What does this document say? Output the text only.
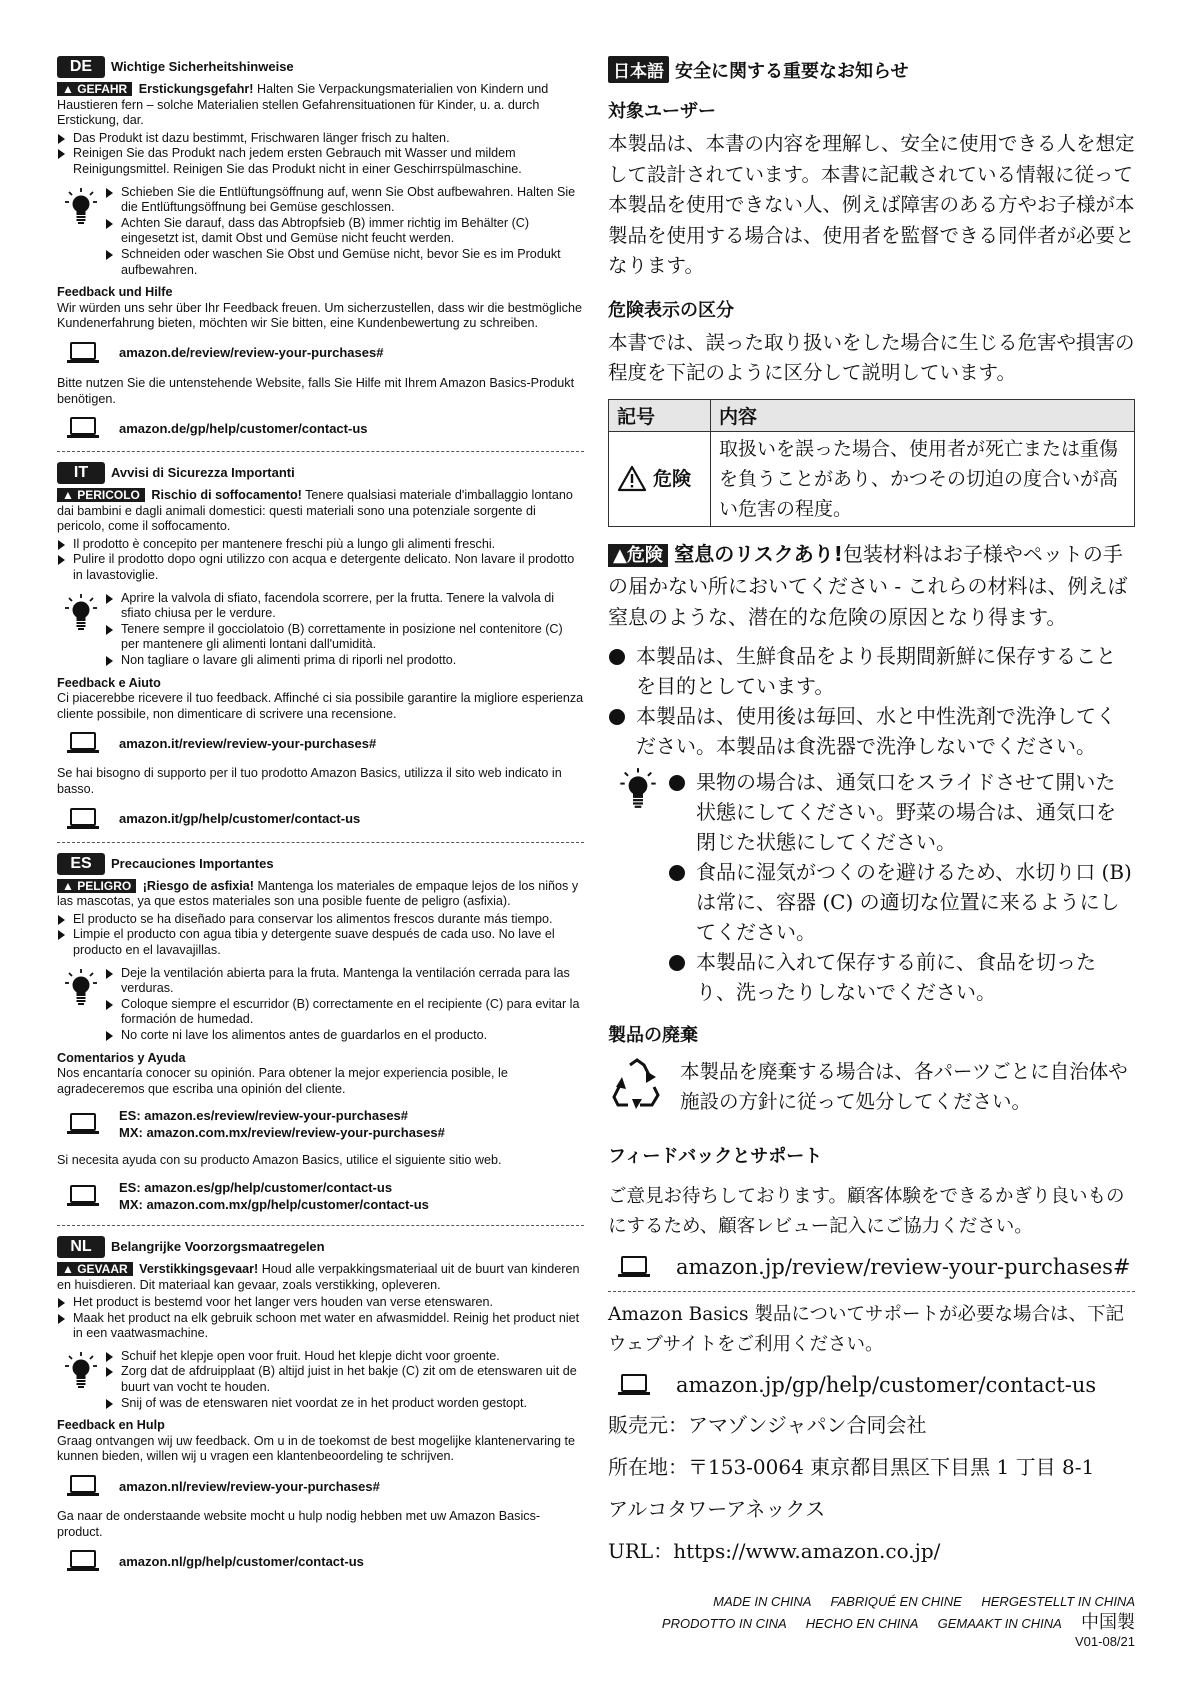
DE	Wichtige Sicherheitshinweise

▲ GEFAHR Erstickungsgefahr! Halten Sie Verpackungsmaterialien von Kindern und Haustieren fern – solche Materialien stellen Gefahrensituationen für Kinder, u. a. durch Erstickung, dar.

Das Produkt ist dazu bestimmt, Frischwaren länger frisch zu halten.
Reinigen Sie das Produkt nach jedem ersten Gebrauch mit Wasser und mildem Reinigungsmittel. Reinigen Sie das Produkt nicht in einer Geschirrspülmaschine.
Schieben Sie die Entlüftungsöffnung auf, wenn Sie Obst aufbewahren. Halten Sie die Entlüftungsöffnung bei Gemüse geschlossen.
Achten Sie darauf, dass das Abtropfsieb (B) immer richtig im Behälter (C) eingesetzt ist, damit Obst und Gemüse nicht feucht werden.
Schneiden oder waschen Sie Obst und Gemüse nicht, bevor Sie es im Produkt aufbewahren.

Feedback und Hilfe

Wir würden uns sehr über Ihr Feedback freuen. Um sicherzustellen, dass wir die bestmögliche Kundenerfahrung bieten, möchten wir Sie bitten, eine Kundenbewertung zu schreiben.

amazon.de/review/review-your-purchases#

Bitte nutzen Sie die untenstehende Website, falls Sie Hilfe mit Ihrem Amazon Basics-Produkt benötigen.

amazon.de/gp/help/customer/contact-us
IT	Avvisi di Sicurezza Importanti

▲ PERICOLO Rischio di soffocamento! Tenere qualsiasi materiale d'imballaggio lontano dai bambini e dagli animali domestici: questi materiali sono una potenziale sorgente di pericolo, come il soffocamento.

Il prodotto è concepito per mantenere freschi più a lungo gli alimenti freschi.
Pulire il prodotto dopo ogni utilizzo con acqua e detergente delicato. Non lavare il prodotto in lavastoviglie.
Aprire la valvola di sfiato, facendola scorrere, per la frutta. Tenere la valvola di sfiato chiusa per le verdure.
Tenere sempre il gocciolatoio (B) correttamente in posizione nel contenitore (C) per mantenere gli alimenti lontani dall'umidità.
Non tagliare o lavare gli alimenti prima di riporli nel prodotto.

Feedback e Aiuto

Ci piacerebbe ricevere il tuo feedback. Affinché ci sia possibile garantire la migliore esperienza cliente possibile, non dimenticare di scrivere una recensione.

amazon.it/review/review-your-purchases#

Se hai bisogno di supporto per il tuo prodotto Amazon Basics, utilizza il sito web indicato in basso.

amazon.it/gp/help/customer/contact-us
ES	Precauciones Importantes

▲ PELIGRO ¡Riesgo de asfixia! Mantenga los materiales de empaque lejos de los niños y las mascotas, ya que estos materiales son una posible fuente de peligro (asfixia).

El producto se ha diseñado para conservar los alimentos frescos durante más tiempo.
Limpie el producto con agua tibia y detergente suave después de cada uso. No lave el producto en el lavavajillas.
Deje la ventilación abierta para la fruta. Mantenga la ventilación cerrada para las verduras.
Coloque siempre el escurridor (B) correctamente en el recipiente (C) para evitar la formación de humedad.
No corte ni lave los alimentos antes de guardarlos en el producto.

Comentarios y Ayuda

Nos encantaría conocer su opinión. Para obtener la mejor experiencia posible, le agradeceremos que escriba una opinión del cliente.

ES: amazon.es/review/review-your-purchases#
MX: amazon.com.mx/review/review-your-purchases#

Si necesita ayuda con su producto Amazon Basics, utilice el siguiente sitio web.

ES: amazon.es/gp/help/customer/contact-us
MX: amazon.com.mx/gp/help/customer/contact-us
NL	Belangrijke Voorzorgsmaatregelen

▲ GEVAAR Verstikkingsgevaar! Houd alle verpakkingsmateriaal uit de buurt van kinderen en huisdieren. Dit materiaal kan gevaar, zoals verstikking, opleveren.

Het product is bestemd voor het langer vers houden van verse etenswaren.
Maak het product na elk gebruik schoon met water en afwasmiddel. Reinig het product niet in een vaatwasmachine.
Schuif het klepje open voor fruit. Houd het klepje dicht voor groente.
Zorg dat de afdruipplaat (B) altijd juist in het bakje (C) zit om de etenswaren uit de buurt van vocht te houden.
Snij of was de etenswaren niet voordat ze in het product worden gestopt.

Feedback en Hulp

Graag ontvangen wij uw feedback. Om u in de toekomst de best mogelijke klantenervaring te kunnen bieden, willen wij u vragen een klantenbeoordeling te schrijven.

amazon.nl/review/review-your-purchases#

Ga naar de onderstaande website mocht u hulp nodig hebben met uw Amazon Basics-product.

amazon.nl/gp/help/customer/contact-us
日本語 安全に関する重要なお知らせ

対象ユーザー

本製品は、本書の内容を理解し、安全に使用できる人を想定して設計されています。本書に記載されている情報に従って本製品を使用できない人、例えば障害のある方やお子様が本製品を使用する場合は、使用者を監督できる同伴者が必要となります。

危険表示の区分

本書では、誤った取り扱いをした場合に生じる危害や損害の程度を下記のように区分して説明しています。

記号	内容

危険	取扱いを誤った場合、使用者が死亡または重傷を負うことがあり、かつその切迫の度合いが高い危害の程度。

▲危険 窒息のリスクあり!包装材料はお子様やペットの手の届かない所においてください - これらの材料は、例えば窒息のような、潜在的な危険の原因となり得ます。

本製品は、生鮮食品をより長期間新鮮に保存することを目的としています。
本製品は、使用後は毎回、水と中性洗剤で洗浄してください。本製品は食洗器で洗浄しないでください。
果物の場合は、通気口をスライドさせて開いた状態にしてください。野菜の場合は、通気口を閉じた状態にしてください。
食品に湿気がつくのを避けるため、水切り口 (B) は常に、容器 (C) の適切な位置に来るようにしてください。
本製品に入れて保存する前に、食品を切ったり、洗ったりしないでください。

製品の廃棄

本製品を廃棄する場合は、各パーツごとに自治体や施設の方針に従って処分してください。

フィードバックとサポート

ご意見お待ちしております。顧客体験をできるかぎり良いものにするため、顧客レビュー記入にご協力ください。

amazon.jp/review/review-your-purchases#

Amazon Basics 製品についてサポートが必要な場合は、下記ウェブサイトをご利用ください。

amazon.jp/gp/help/customer/contact-us

販売元：アマゾンジャパン合同会社

所在地：〒153-0064 東京都目黒区下目黒 1 丁目 8-1

アルコタワーアネックス

URL：https://www.amazon.co.jp/

MADE IN CHINA FABRIQUÉ EN CHINE HERGESTELLT IN CHINA
PRODOTTO IN CINA HECHO EN CHINA GEMAAKT IN CHINA 中国製
V01-08/21
